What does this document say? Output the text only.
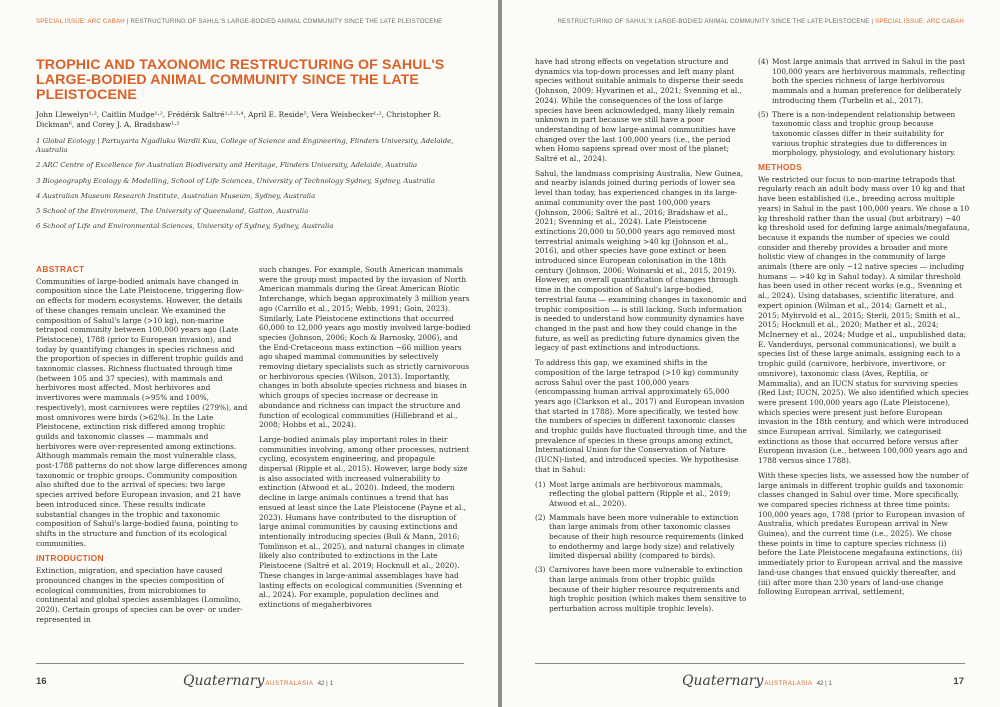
SPECIAL ISSUE: ARC CABAH | RESTRUCTURING OF SAHUL'S LARGE-BODIED ANIMAL COMMUNITY SINCE THE LATE PLEISTOCENE
TROPHIC AND TAXONOMIC RESTRUCTURING OF SAHUL'S LARGE-BODIED ANIMAL COMMUNITY SINCE THE LATE PLEISTOCENE
John Llewelyn¹·², Caitlin Mudge¹·², Frédérik Saltré¹·²·³·⁴, April E. Reside⁵, Vera Weisbecker¹·², Christopher R. Dickman⁶, and Corey J. A. Bradshaw¹·²
1 Global Ecology | Partuyarta Ngadluku Wardli Kuu, College of Science and Engineering, Flinders University, Adelaide, Australia
2 ARC Centre of Excellence for Australian Biodiversity and Heritage, Flinders University, Adelaide, Australia
3 Biogeography Ecology & Modelling, School of Life Sciences, University of Technology Sydney, Sydney, Australia
4 Australian Museum Research Institute, Australian Museum, Sydney, Australia
5 School of the Environment, The University of Queensland, Gatton, Australia
6 School of Life and Environmental Sciences, University of Sydney, Sydney, Australia
ABSTRACT

Communities of large-bodied animals have changed in composition since the Late Pleistocene, triggering flow-on effects for modern ecosystems. However, the details of these changes remain unclear. We examined the composition of Sahul's large (>10 kg), non-marine tetrapod community between 100,000 years ago (Late Pleistocene), 1788 (prior to European invasion), and today by quantifying changes in species richness and the proportion of species in different trophic guilds and taxonomic classes. Richness fluctuated through time (between 105 and 37 species), with mammals and herbivores most affected. Most herbivores and invertivores were mammals (>95% and 100%, respectively), most carnivores were reptiles (279%), and most omnivores were birds (>62%). In the Late Pleistocene, extinction risk differed among trophic guilds and taxonomic classes — mammals and herbivores were over-represented among extinctions. Although mammals remain the most vulnerable class, post-1788 patterns do not show large differences among taxonomic or trophic groups. Community composition also shifted due to the arrival of species: two large species arrived before European invasion, and 21 have been introduced since. These results indicate substantial changes in the trophic and taxonomic composition of Sahul's large-bodied fauna, pointing to shifts in the structure and function of its ecological communities.

INTRODUCTION

Extinction, migration, and speciation have caused pronounced changes in the species composition of ecological communities, from microbiomes to continental and global species assemblages (Lomolino, 2020). Certain groups of species can be over- or under-represented in

such changes. For example, South American mammals were the group most impacted by the invasion of North American mammals during the Great American Biotic Interchange, which began approximately 3 million years ago (Carrillo et al., 2015; Webb, 1991; Goin, 2023). Similarly, Late Pleistocene extinctions that occurred 60,000 to 12,000 years ago mostly involved large-bodied species (Johnson, 2006; Koch & Barnosky, 2006), and the End-Cretaceous mass extinction ~66 million years ago shaped mammal communities by selectively removing dietary specialists such as strictly carnivorous or herbivorous species (Wilson, 2013). Importantly, changes in both absolute species richness and biases in which groups of species increase or decrease in abundance and richness can impact the structure and function of ecological communities (Hillebrand et al., 2008; Hobbs et al., 2024).

Large-bodied animals play important roles in their communities involving, among other processes, nutrient cycling, ecosystem engineering, and propagule dispersal (Ripple et al., 2015). However, large body size is also associated with increased vulnerability to extinction (Atwood et al., 2020). Indeed, the modern decline in large animals continues a trend that has ensued at least since the Late Pleistocene (Payne et al., 2023). Humans have contributed to the disruption of large animal communities by causing extinctions and intentionally introducing species (Bull & Mann, 2016; Tomlinson et al., 2025), and natural changes in climate likely also contributed to extinctions in the Late Pleistocene (Saltré et al. 2019; Hocknull et al., 2020). These changes in large-animal assemblages have had lasting effects on ecological communities (Svenning et al., 2024). For example, population declines and extinctions of megaherbivores

16	QuaternaryAUSTRALASIA 42 | 1
RESTRUCTURING OF SAHUL'S LARGE-BODIED ANIMAL COMMUNITY SINCE THE LATE PLEISTOCENE | SPECIAL ISSUE: ARC CABAH

have had strong effects on vegetation structure and dynamics via top-down processes and left many plant species without suitable animals to disperse their seeds (Johnson, 2009; Hyvarinen et al., 2021; Svenning et al., 2024). While the consequences of the loss of large species have been acknowledged, many likely remain unknown in part because we still have a poor understanding of how large-animal communities have changed over the last 100,000 years (i.e., the period when Homo sapiens spread over most of the planet; Saltré et al., 2024).

Sahul, the landmass comprising Australia, New Guinea, and nearby islands joined during periods of lower sea level than today, has experienced changes in its large-animal community over the past 100,000 years (Johnson, 2006; Saltré et al., 2016; Bradshaw et al., 2021; Svenning et al., 2024). Late Pleistocene extinctions 20,000 to 50,000 years ago removed most terrestrial animals weighing >40 kg (Johnson et al., 2016), and other species have gone extinct or been introduced since European colonisation in the 18th century (Johnson, 2006; Woinarski et al., 2015, 2019). However, an overall quantification of changes through time in the composition of Sahul's large-bodied, terrestrial fauna — examining changes in taxonomic and trophic composition — is still lacking. Such information is needed to understand how community dynamics have changed in the past and how they could change in the future, as well as predicting future dynamics given the legacy of past extinctions and introductions.

To address this gap, we examined shifts in the composition of the large tetrapod (>10 kg) community across Sahul over the past 100,000 years (encompassing human arrival approximately 65,000 years ago (Clarkson et al., 2017) and European invasion that started in 1788). More specifically, we tested how the numbers of species in different taxonomic classes and trophic guilds have fluctuated through time, and the prevalence of species in these groups among extinct, International Union for the Conservation of Nature (IUCN)-listed, and introduced species. We hypothesise that in Sahul:

(1) Most large animals are herbivorous mammals, reflecting the global pattern (Ripple et al., 2019; Atwood et al., 2020).
(2) Mammals have been more vulnerable to extinction than large animals from other taxonomic classes because of their high resource requirements (linked to endothermy and large body size) and relatively limited dispersal ability (compared to birds).
(3) Carnivores have been more vulnerable to extinction than large animals from other trophic guilds because of their higher resource requirements and high trophic position (which makes them sensitive to perturbation across multiple trophic levels).
(4) Most large animals that arrived in Sahul in the past 100,000 years are herbivorous mammals, reflecting both the species richness of large herbivorous mammals and a human preference for deliberately introducing them (Turbelin et al., 2017).
(5) There is a non-independent relationship between taxonomic class and trophic group because taxonomic classes differ in their suitability for various trophic strategies due to differences in morphology, physiology, and evolutionary history.
METHODS

We restricted our focus to non-marine tetrapods that regularly reach an adult body mass over 10 kg and that have been established (i.e., breeding across multiple years) in Sahul in the past 100,000 years. We chose a 10 kg threshold rather than the usual (but arbitrary) ~40 kg threshold used for defining large animals/megafauna, because it expands the number of species we could consider and thereby provides a broader and more holistic view of changes in the community of large animals (there are only ~12 native species — including humans — >40 kg in Sahul today). A similar threshold has been used in other recent works (e.g., Svenning et al., 2024). Using databases, scientific literature, and expert opinion (Wilman et al., 2014; Garnett et al., 2015; Myhrvold et al., 2015; Sterli, 2015; Smith et al., 2015; Hocknull et al., 2020; Mather et al., 2024; McInerney et al., 2024; Mudge et al., unpublished data; E. Vanderduys, personal communications), we built a species list of these large animals, assigning each to a trophic guild (carnivore, herbivore, invertivore, or omnivore), taxonomic class (Aves, Reptilia, or Mammalia), and an IUCN status for surviving species (Red List; IUCN, 2025). We also identified which species were present 100,000 years ago (Late Pleistocene), which species were present just before European invasion in the 18th century, and which were introduced since European arrival. Similarly, we categorised extinctions as those that occurred before versus after European invasion (i.e., between 100,000 years ago and 1788 versus since 1788).

With these species lists, we assessed how the number of large animals in different trophic guilds and taxonomic classes changed in Sahul over time. More specifically, we compared species richness at three time points: 100,000 years ago, 1788 (prior to European invasion of Australia, which predates European arrival in New Guinea), and the current time (i.e., 2025). We chose these points in time to capture species richness (i) before the Late Pleistocene megafauna extinctions, (ii) immediately prior to European arrival and the massive land-use changes that ensued quickly thereafter, and (iii) after more than 230 years of land-use change following European arrival, settlement,

QuaternaryAUSTRALASIA 42 | 1	17
